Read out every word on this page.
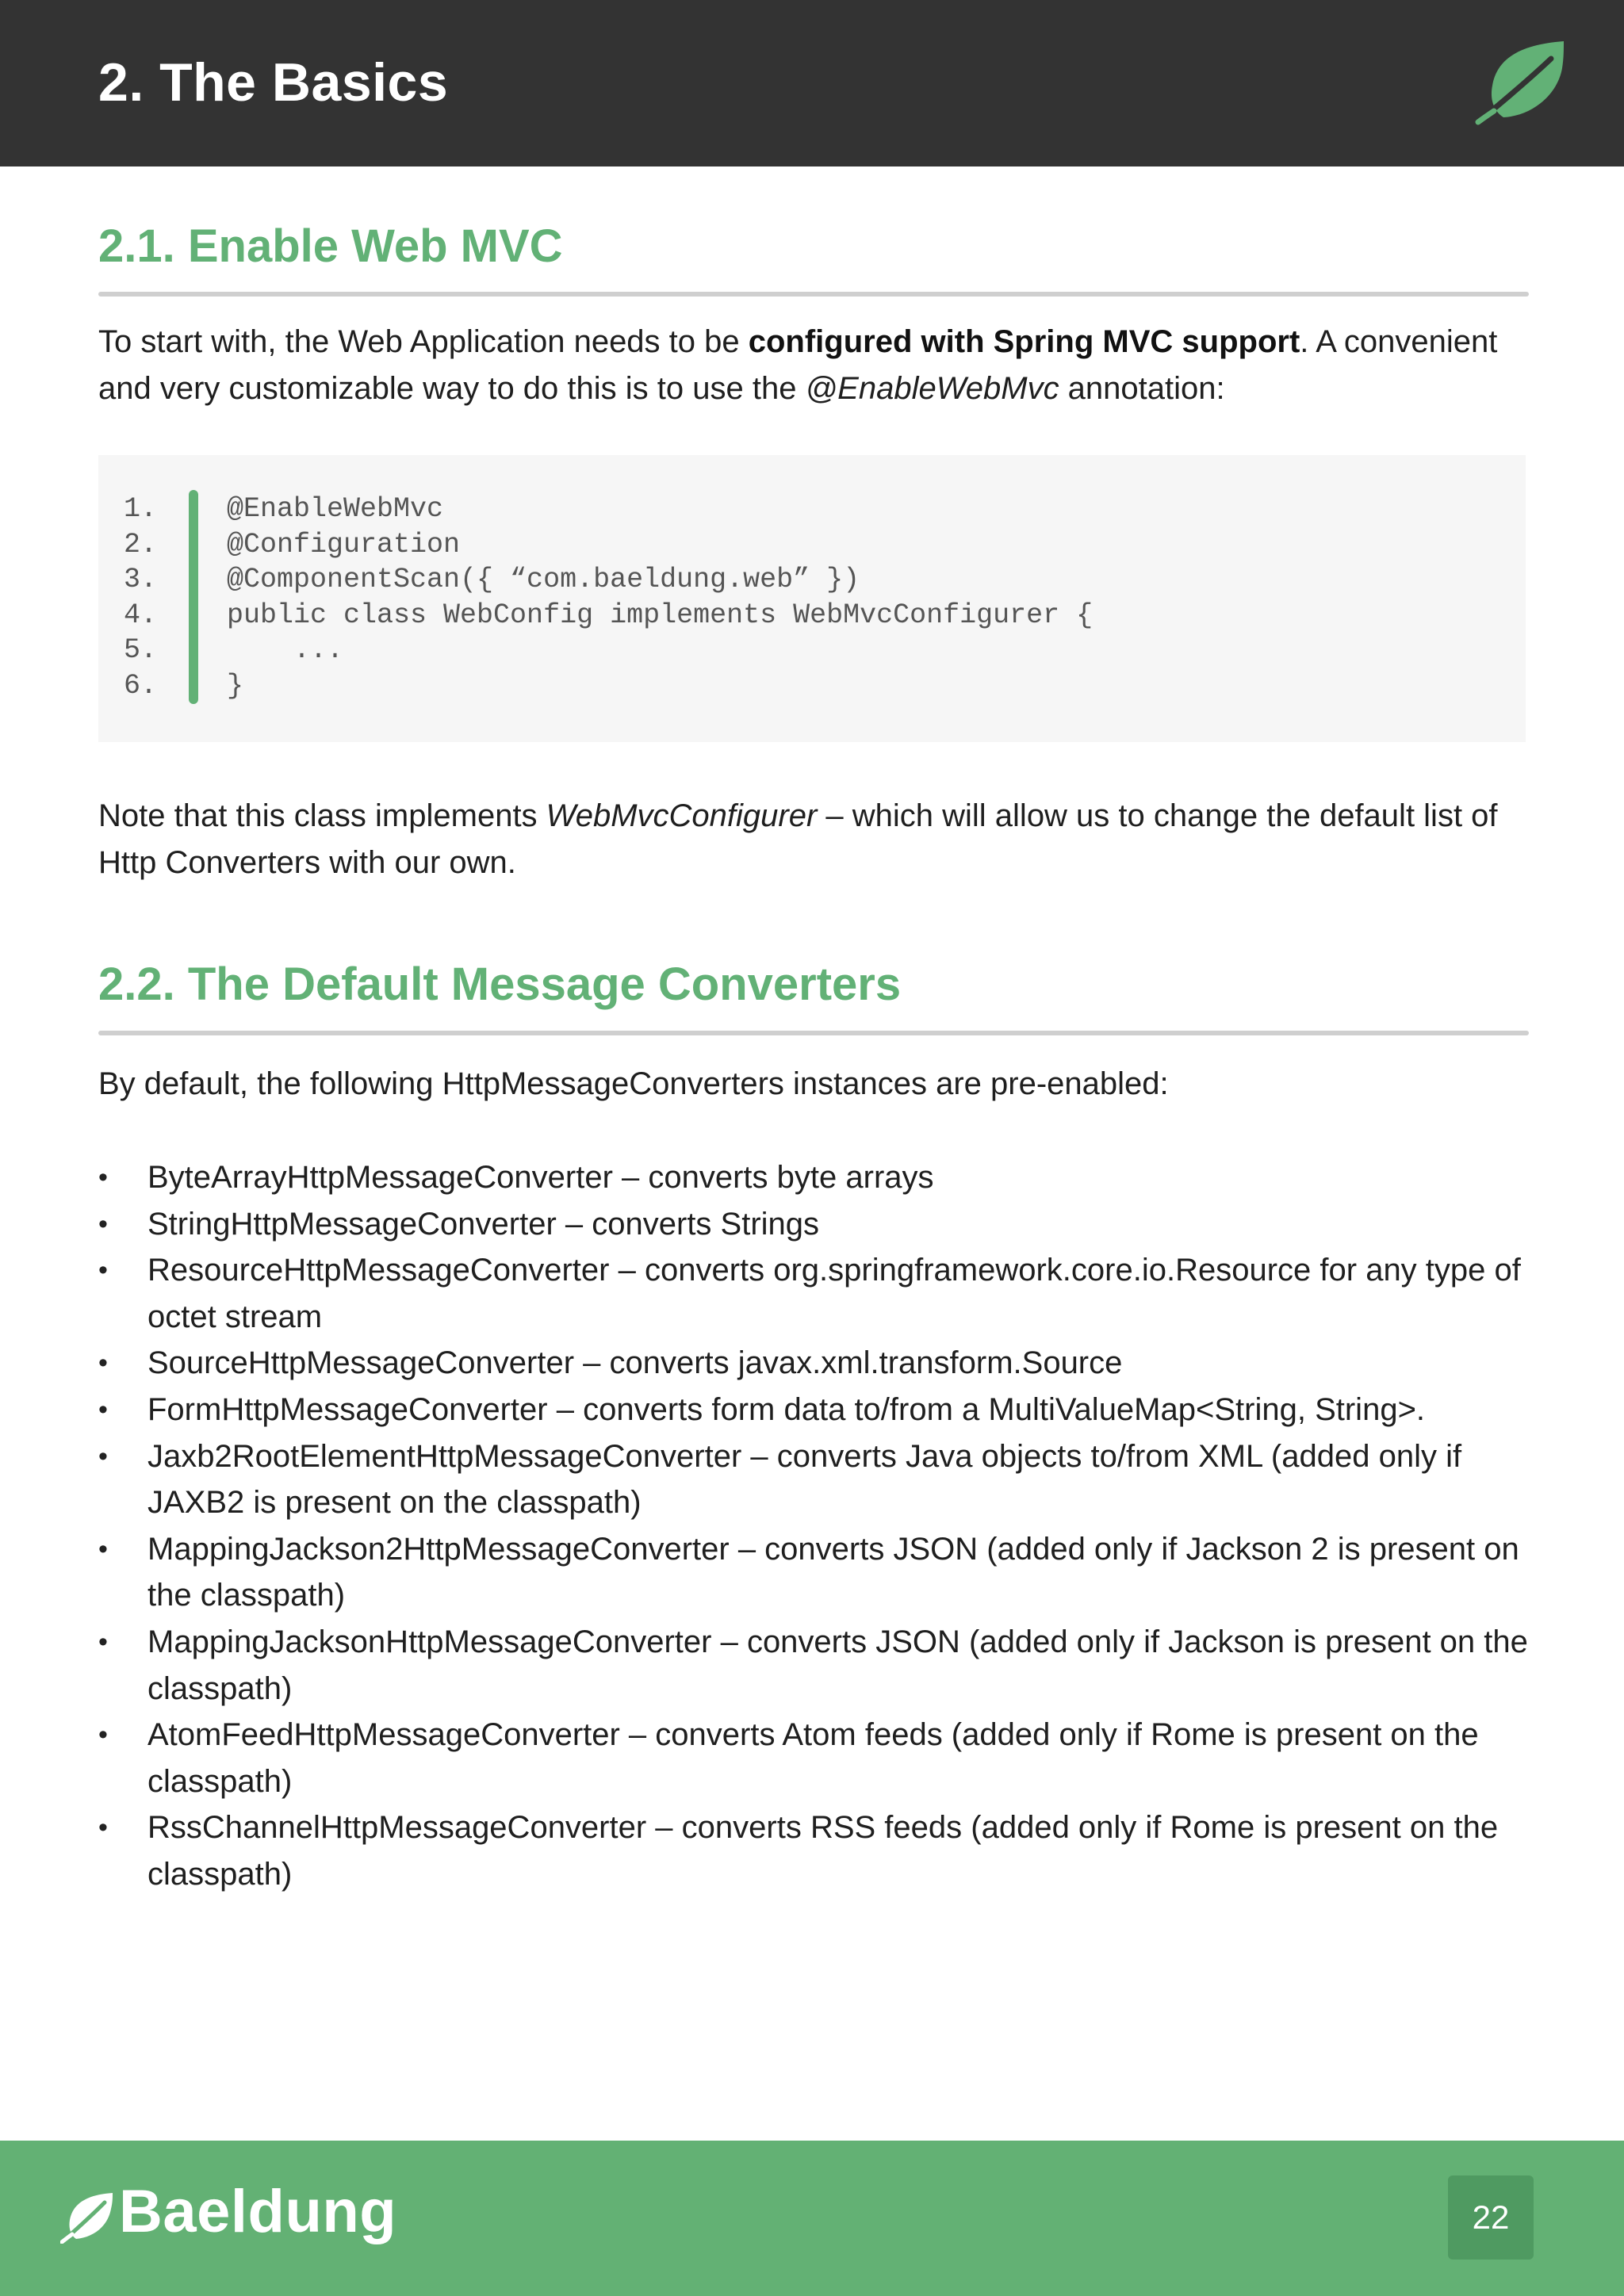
2. The Basics
2.1. Enable Web MVC
To start with, the Web Application needs to be configured with Spring MVC support. A convenient and very customizable way to do this is to use the @EnableWebMvc annotation:
1.
2.
3.
4.
5.
6.
@EnableWebMvc
@Configuration
@ComponentScan({ “com.baeldung.web” })
public class WebConfig implements WebMvcConfigurer {
...
}
Note that this class implements WebMvcConfigurer – which will allow us to change the default list of Http Converters with our own.
2.2. The Default Message Converters
By default, the following HttpMessageConverters instances are pre-enabled:
• ByteArrayHttpMessageConverter – converts byte arrays
• StringHttpMessageConverter – converts Strings
• ResourceHttpMessageConverter – converts org.springframework.core.io.Resource for any type of octet stream
• SourceHttpMessageConverter – converts javax.xml.transform.Source
• FormHttpMessageConverter – converts form data to/from a MultiValueMap<String, String>.
• Jaxb2RootElementHttpMessageConverter – converts Java objects to/from XML (added only if JAXB2 is present on the classpath)
• MappingJackson2HttpMessageConverter – converts JSON (added only if Jackson 2 is present on the classpath)
• MappingJacksonHttpMessageConverter – converts JSON (added only if Jackson is present on the classpath)
• AtomFeedHttpMessageConverter – converts Atom feeds (added only if Rome is present on the classpath)
• RssChannelHttpMessageConverter – converts RSS feeds (added only if Rome is present on the classpath)
Baeldung	22
